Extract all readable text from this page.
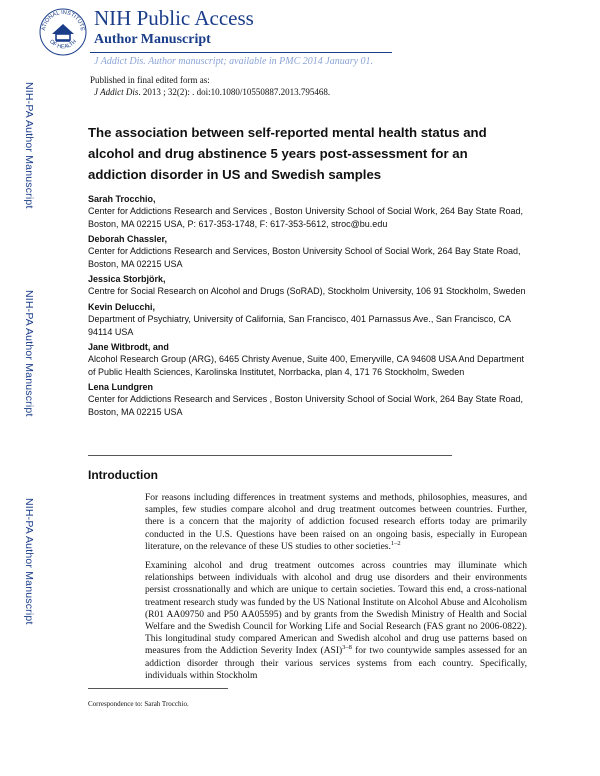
NIH-PA Author Manuscript
NIH-PA Author Manuscript
NIH-PA Author Manuscript
ATIONAL INSTITUTE
OF HEALTH
NIH Public Access
Author Manuscript
J Addict Dis. Author manuscript; available in PMC 2014 January 01.
Published in final edited form as:
J Addict Dis. 2013 ; 32(2): . doi:10.1080/10550887.2013.795468.
The association between self-reported mental health status and alcohol and drug abstinence 5 years post-assessment for an addiction disorder in US and Swedish samples
Sarah Trocchio,
Center for Addictions Research and Services , Boston University School of Social Work, 264 Bay State Road, Boston, MA 02215 USA, P: 617-353-1748, F: 617-353-5612, stroc@bu.edu
Deborah Chassler,
Center for Addictions Research and Services, Boston University School of Social Work, 264 Bay State Road, Boston, MA 02215 USA
Jessica Storbjörk,
Centre for Social Research on Alcohol and Drugs (SoRAD), Stockholm University, 106 91 Stockholm, Sweden
Kevin Delucchi,
Department of Psychiatry, University of California, San Francisco, 401 Parnassus Ave., San Francisco, CA 94114 USA
Jane Witbrodt, and
Alcohol Research Group (ARG), 6465 Christy Avenue, Suite 400, Emeryville, CA 94608 USA And Department of Public Health Sciences, Karolinska Institutet, Norrbacka, plan 4, 171 76 Stockholm, Sweden
Lena Lundgren
Center for Addictions Research and Services , Boston University School of Social Work, 264 Bay State Road, Boston, MA 02215 USA
Introduction
For reasons including differences in treatment systems and methods, philosophies, measures, and samples, few studies compare alcohol and drug treatment outcomes between countries. Further, there is a concern that the majority of addiction focused research efforts today are primarily conducted in the U.S. Questions have been raised on an ongoing basis, especially in European literature, on the relevance of these US studies to other societies.$^{1-2}$
Examining alcohol and drug treatment outcomes across countries may illuminate which relationships between individuals with alcohol and drug use disorders and their environments persist crossnationally and which are unique to certain societies. Toward this end, a cross-national treatment research study was funded by the US National Institute on Alcohol Abuse and Alcoholism (R01 AA09750 and P50 AA05595) and by grants from the Swedish Ministry of Health and Social Welfare and the Swedish Council for Working Life and Social Research (FAS grant no 2006-0822). This longitudinal study compared American and Swedish alcohol and drug use patterns based on measures from the Addiction Severity Index (ASI)$^{3-8}$ for two countywide samples assessed for an addiction disorder through their various services systems from each country. Specifically, individuals within Stockholm
Correspondence to: Sarah Trocchio.
